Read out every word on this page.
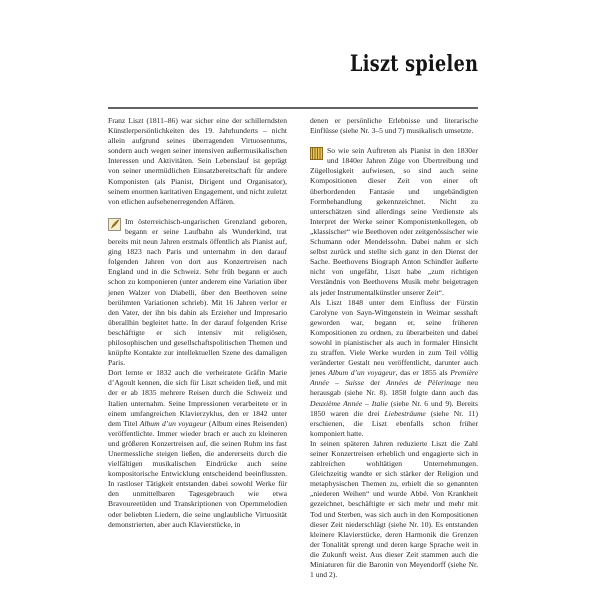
Liszt spielen

Franz Liszt (1811–86) war sicher eine der schillerndsten Künstlerpersönlichkeiten des 19. Jahrhunderts – nicht allein aufgrund seines überragenden Virtuosentums, sondern auch wegen seiner intensiven außermusikalischen Interessen und Aktivitäten. Sein Lebenslauf ist geprägt von seiner unermüdlichen Einsatzbereitschaft für andere Komponisten (als Pianist, Dirigent und Organisator), seinem enormen karitativen Engagement, und nicht zuletzt von etlichen aufsehenerregenden Affären.

Im österreichisch-ungarischen Grenzland geboren, begann er seine Laufbahn als Wunderkind, trat bereits mit neun Jahren erstmals öffentlich als Pianist auf, ging 1823 nach Paris und unternahm in den darauf folgenden Jahren von dort aus Konzertreisen nach England und in die Schweiz. Sehr früh begann er auch schon zu komponieren (unter anderem eine Variation über jenen Walzer von Diabelli, über den Beethoven seine berühmten Variationen schrieb). Mit 16 Jahren verlor er den Vater, der ihn bis dahin als Erzieher und Impresario überallhin begleitet hatte. In der darauf folgenden Krise beschäftigte er sich intensiv mit religiösen, philosophischen und gesellschaftspolitischen Themen und knüpfte Kontakte zur intellektuellen Szene des damaligen Paris.

Dort lernte er 1832 auch die verheiratete Gräfin Marie d’Agoult kennen, die sich für Liszt scheiden ließ, und mit der er ab 1835 mehrere Reisen durch die Schweiz und Italien unternahm. Seine Impressionen verarbeitete er in einem umfangreichen Klavierzyklus, den er 1842 unter dem Titel Album d’un voyageur (Album eines Reisenden) veröffentlichte. Immer wieder brach er auch zu kleineren und größeren Konzertreisen auf, die seinen Ruhm ins fast Unermessliche steigen ließen, die andererseits durch die vielfältigen musikalischen Eindrücke auch seine kompositorische Entwicklung entscheidend beeinflussten. In rastloser Tätigkeit entstanden dabei sowohl Werke für den unmittelbaren Tagesgebrauch wie etwa Bravoureetüden und Transkriptionen von Opernmelodien oder beliebten Liedern, die seine unglaubliche Virtuosität demonstrierten, aber auch Klavierstücke, in

denen er persönliche Erlebnisse und literarische Einflüsse (siehe Nr. 3–5 und 7) musikalisch umsetzte.

So wie sein Auftreten als Pianist in den 1830er und 1840er Jahren Züge von Übertreibung und Zügellosigkeit aufwiesen, so sind auch seine Kompositionen dieser Zeit von einer oft überbordenden Fantasie und ungebändigten Formbehandlung gekennzeichnet. Nicht zu unterschätzen sind allerdings seine Verdienste als Interpret der Werke seiner Komponistenkollegen, ob „klassischer“ wie Beethoven oder zeitgenössischer wie Schumann oder Mendelssohn. Dabei nahm er sich selbst zurück und stellte sich ganz in den Dienst der Sache. Beethovens Biograph Anton Schindler äußerte nicht von ungefähr, Liszt habe „zum richtigen Verständnis von Beethovens Musik mehr beigetragen als jeder Instrumentalkünstler unserer Zeit“.

Als Liszt 1848 unter dem Einfluss der Fürstin Carolyne von Sayn-Wittgenstein in Weimar sesshaft geworden war, begann er, seine früheren Kompositionen zu ordnen, zu überarbeiten und dabei sowohl in pianistischer als auch in formaler Hinsicht zu straffen. Viele Werke wurden in zum Teil völlig veränderter Gestalt neu veröffentlicht, darunter auch jenes Album d’un voyageur, das er 1855 als Première Année – Suisse der Années de Pèlerinage neu herausgab (siehe Nr. 8). 1858 folgte dann auch das Deuxième Année – Italie (siehe Nr. 6 und 9). Bereits 1850 waren die drei Liebesträume (siehe Nr. 11) erschienen, die Liszt ebenfalls schon früher komponiert hatte.

In seinen späteren Jahren reduzierte Liszt die Zahl seiner Konzertreisen erheblich und engagierte sich in zahlreichen wohltätigen Unternehmungen. Gleichzeitig wandte er sich stärker der Religion und metaphysischen Themen zu, erhielt die so genannten „niederen Weihen“ und wurde Abbé. Von Krankheit gezeichnet, beschäftigte er sich mehr und mehr mit Tod und Sterben, was sich auch in den Kompositionen dieser Zeit niederschlägt (siehe Nr. 10). Es entstanden kleinere Klavierstücke, deren Harmonik die Grenzen der Tonalität sprengt und deren karge Sprache weit in die Zukunft weist. Aus dieser Zeit stammen auch die Miniaturen für die Baronin von Meyendorff (siehe Nr. 1 und 2).
